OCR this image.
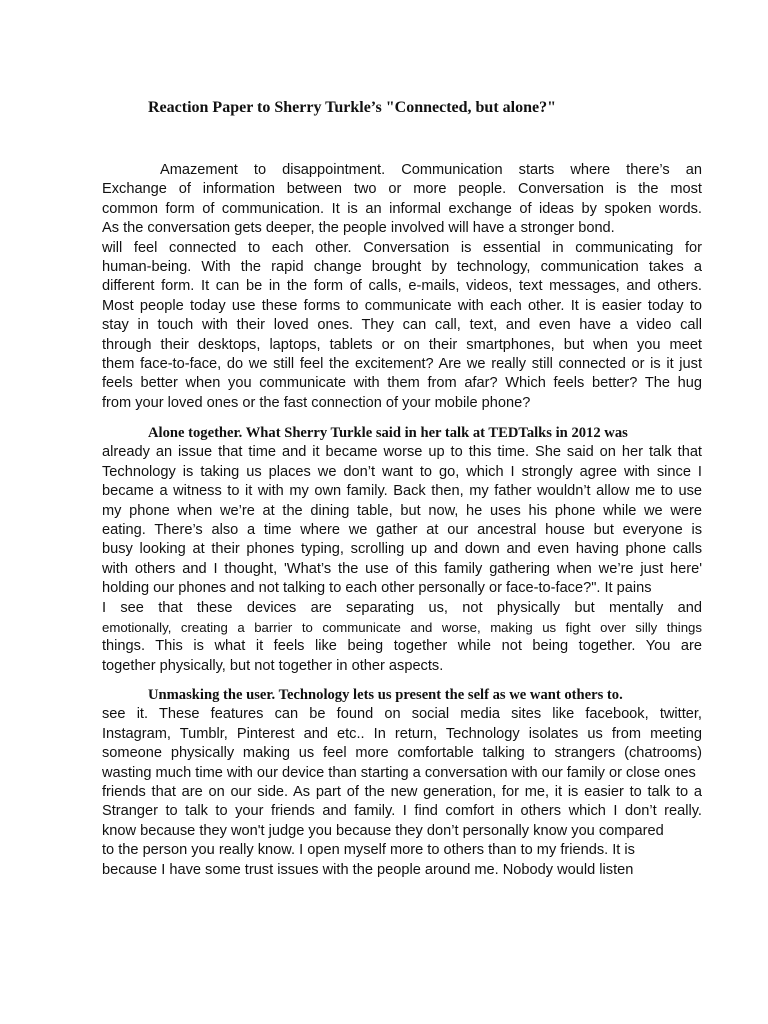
Reaction Paper to Sherry Turkle’s "Connected, but alone?"
Amazement to disappointment. Communication starts where there’s an
Exchange of information between two or more people. Conversation is the most
common form of communication. It is an informal exchange of ideas by spoken words.
As the conversation gets deeper, the people involved will have a stronger bond.
will feel connected to each other. Conversation is essential in communicating for
human-being. With the rapid change brought by technology, communication takes a
different form. It can be in the form of calls, e-mails, videos, text messages, and others.
Most people today use these forms to communicate with each other. It is easier today to
stay in touch with their loved ones. They can call, text, and even have a video call
through their desktops, laptops, tablets or on their smartphones, but when you meet
them face-to-face, do we still feel the excitement? Are we really still connected or is it just
feels better when you communicate with them from afar? Which feels better? The hug
from your loved ones or the fast connection of your mobile phone?
Alone together. What Sherry Turkle said in her talk at TEDTalks in 2012 was
already an issue that time and it became worse up to this time. She said on her talk that
Technology is taking us places we don’t want to go, which I strongly agree with since I
became a witness to it with my own family. Back then, my father wouldn’t allow me to use
my phone when we’re at the dining table, but now, he uses his phone while we were
eating. There’s also a time where we gather at our ancestral house but everyone is
busy looking at their phones typing, scrolling up and down and even having phone calls
with others and I thought, 'What’s the use of this family gathering when we’re just here'
holding our phones and not talking to each other personally or face-to-face?". It pains
I see that these devices are separating us, not physically but mentally and
emotionally, creating a barrier to communicate and worse, making us fight over silly things
things. This is what it feels like being together while not being together. You are
together physically, but not together in other aspects.
Unmasking the user. Technology lets us present the self as we want others to.
see it. These features can be found on social media sites like facebook, twitter,
Instagram, Tumblr, Pinterest and etc.. In return, Technology isolates us from meeting
someone physically making us feel more comfortable talking to strangers (chatrooms)
wasting much time with our device than starting a conversation with our family or close ones
friends that are on our side. As part of the new generation, for me, it is easier to talk to a
Stranger to talk to your friends and family. I find comfort in others which I don’t really.
know because they won't judge you because they don’t personally know you compared
to the person you really know. I open myself more to others than to my friends. It is
because I have some trust issues with the people around me. Nobody would listen
